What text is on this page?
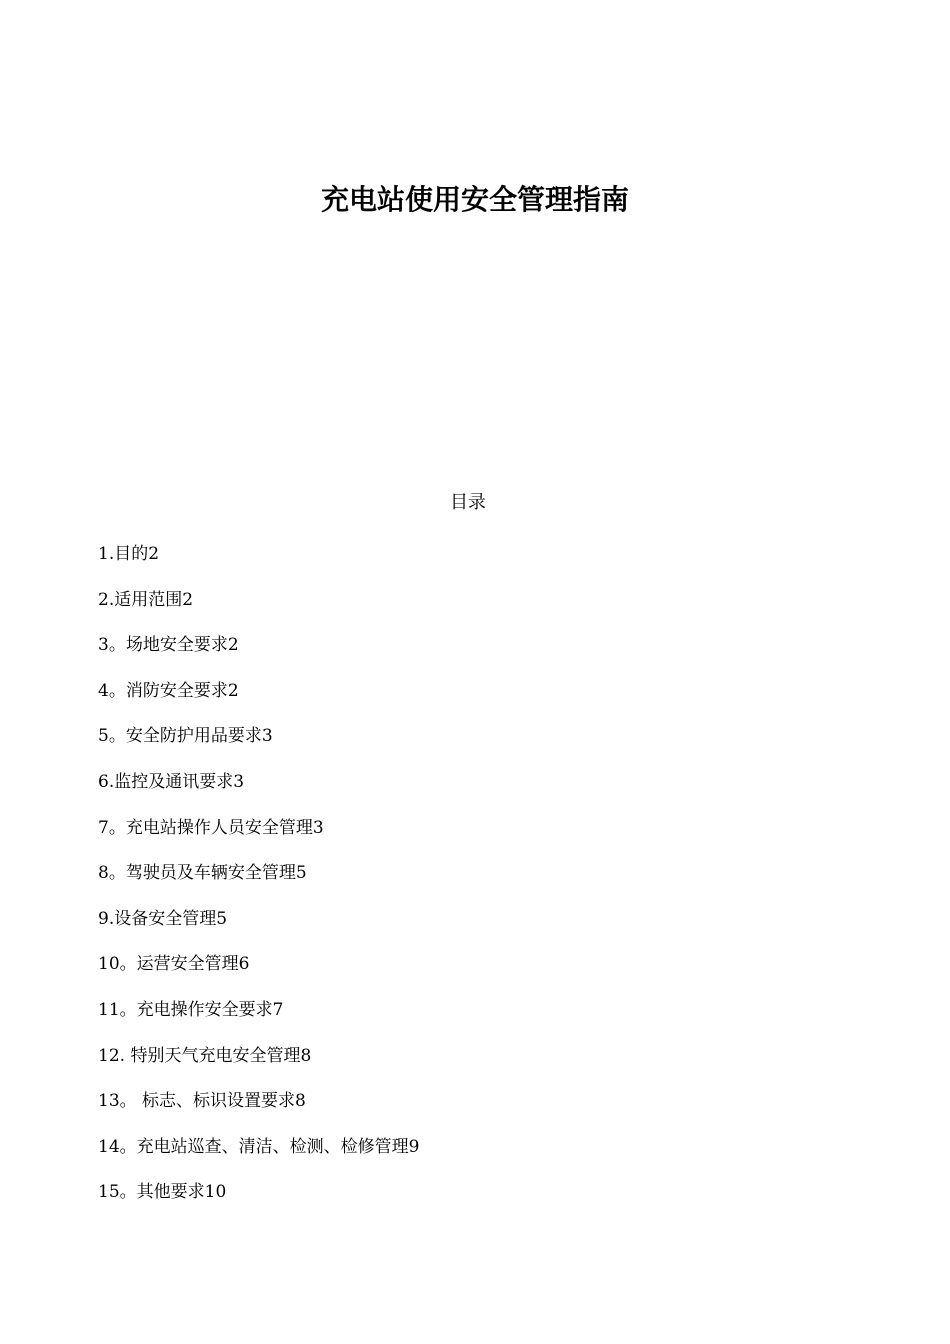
充电站使用安全管理指南
目录
1.目的2
2.适用范围2
3。场地安全要求2
4。消防安全要求2
5。安全防护用品要求3
6.监控及通讯要求3
7。充电站操作人员安全管理3
8。驾驶员及车辆安全管理5
9.设备安全管理5
10。运营安全管理6
11。充电操作安全要求7
12. 特别天气充电安全管理8
13。 标志、标识设置要求8
14。充电站巡查、清洁、检测、检修管理9
15。其他要求10
